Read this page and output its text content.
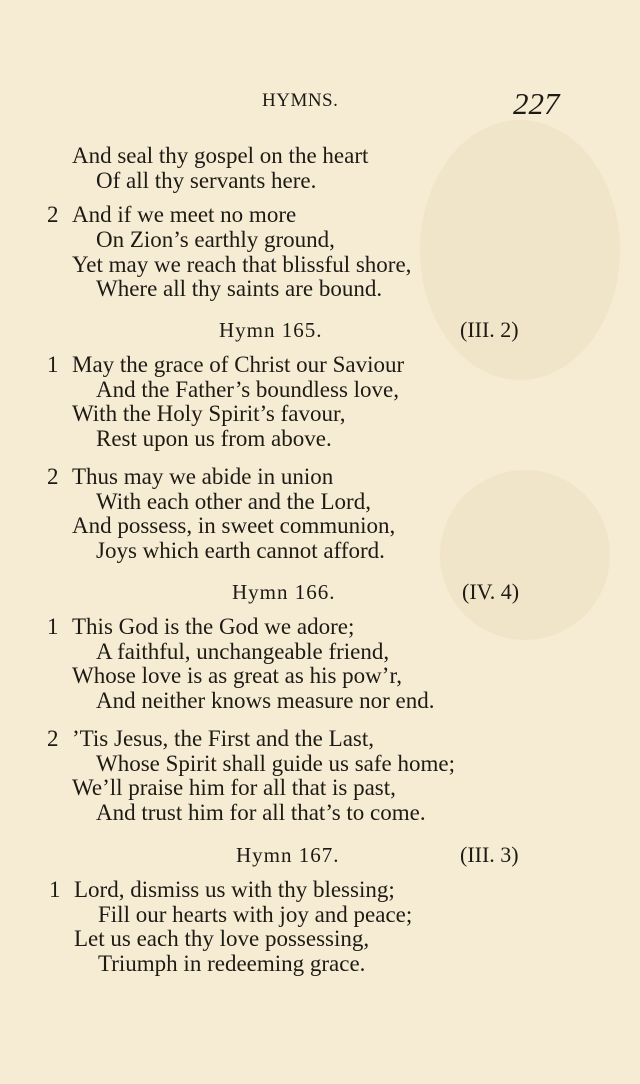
HYMNS.	227
And seal thy gospel on the heart
Of all thy servants here.
2 And if we meet no more
On Zion’s earthly ground,
Yet may we reach that blissful shore,
Where all thy saints are bound.
Hymn 165.	(III. 2)
1 May the grace of Christ our Saviour
And the Father’s boundless love,
With the Holy Spirit’s favour,
Rest upon us from above.
2 Thus may we abide in union
With each other and the Lord,
And possess, in sweet communion,
Joys which earth cannot afford.
Hymn 166.	(IV. 4)
1 This God is the God we adore;
A faithful, unchangeable friend,
Whose love is as great as his pow’r,
And neither knows measure nor end.
2 ’Tis Jesus, the First and the Last,
Whose Spirit shall guide us safe home;
We’ll praise him for all that is past,
And trust him for all that’s to come.
Hymn 167.	(III. 3)
1 Lord, dismiss us with thy blessing;
Fill our hearts with joy and peace;
Let us each thy love possessing,
Triumph in redeeming grace.
